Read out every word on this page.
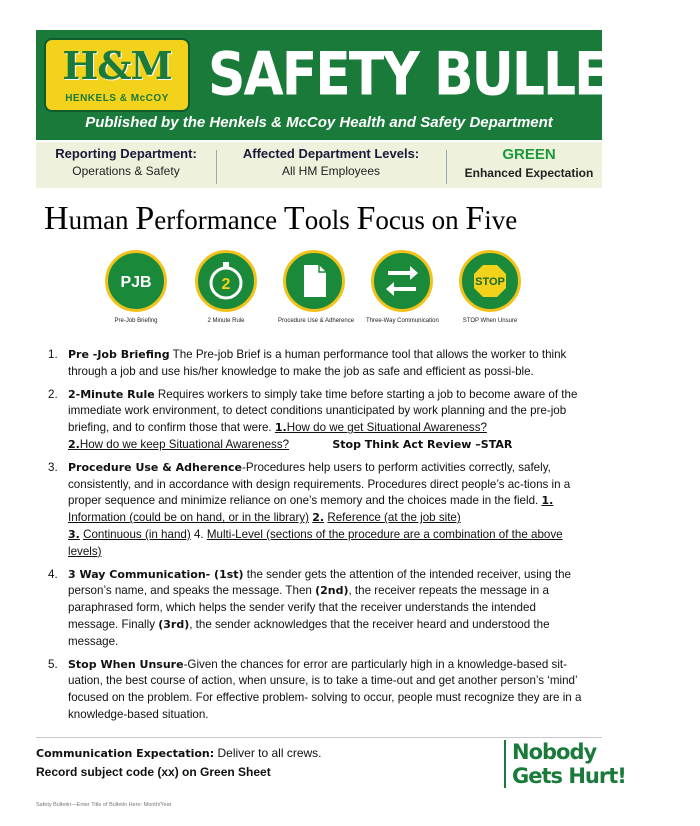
H&M
HENKELS & McCOY SAFETY BULLETIN
Published by the Henkels & McCoy Health and Safety Department
Reporting Department:
Operations & Safety
Affected Department Levels:
All HM Employees
GREEN
Enhanced Expectation
Human Performance Tools Focus on Five
PJB
Pre-Job Briefing
2
2 Minute Rule	Procedure Use & Adherence Three-Way Communication
STOP
STOP When Unsure
1. Pre -Job Briefing The Pre-job Brief is a human performance tool that allows the worker to think through a job and use his/her knowledge to make the job as safe and efficient as possi-ble.
2. 2-Minute Rule Requires workers to simply take time before starting a job to become aware of the immediate work environment, to detect conditions unanticipated by work planning and the pre-job briefing, and to confirm those that were. 1.How do we get Situational Awareness?
2.How do we keep Situational Awareness?	Stop Think Act Review –STAR
3. Procedure Use & Adherence-Procedures help users to perform activities correctly, safely, consistently, and in accordance with design requirements. Procedures direct people’s ac-tions in a proper sequence and minimize reliance on one’s memory and the choices made in the field. 1. Information (could be on hand, or in the library) 2. Reference (at the job site)
3. Continuous (in hand) 4. Multi-Level (sections of the procedure are a combination of the above levels)
4. 3 Way Communication- (1st) the sender gets the attention of the intended receiver, using the person’s name, and speaks the message. Then (2nd), the receiver repeats the message in a paraphrased form, which helps the sender verify that the receiver understands the intended message. Finally (3rd), the sender acknowledges that the receiver heard and understood the message.
5. Stop When Unsure-Given the chances for error are particularly high in a knowledge-based sit-uation, the best course of action, when unsure, is to take a time-out and get another person’s ‘mind’ focused on the problem. For effective problem- solving to occur, people must recognize they are in a knowledge-based situation.
Communication Expectation: Deliver to all crews.
Record subject code (xx) on Green Sheet
Nobody
Gets Hurt!
Safety Bulletin—Enter Title of Bulletin Here: Month/Year
